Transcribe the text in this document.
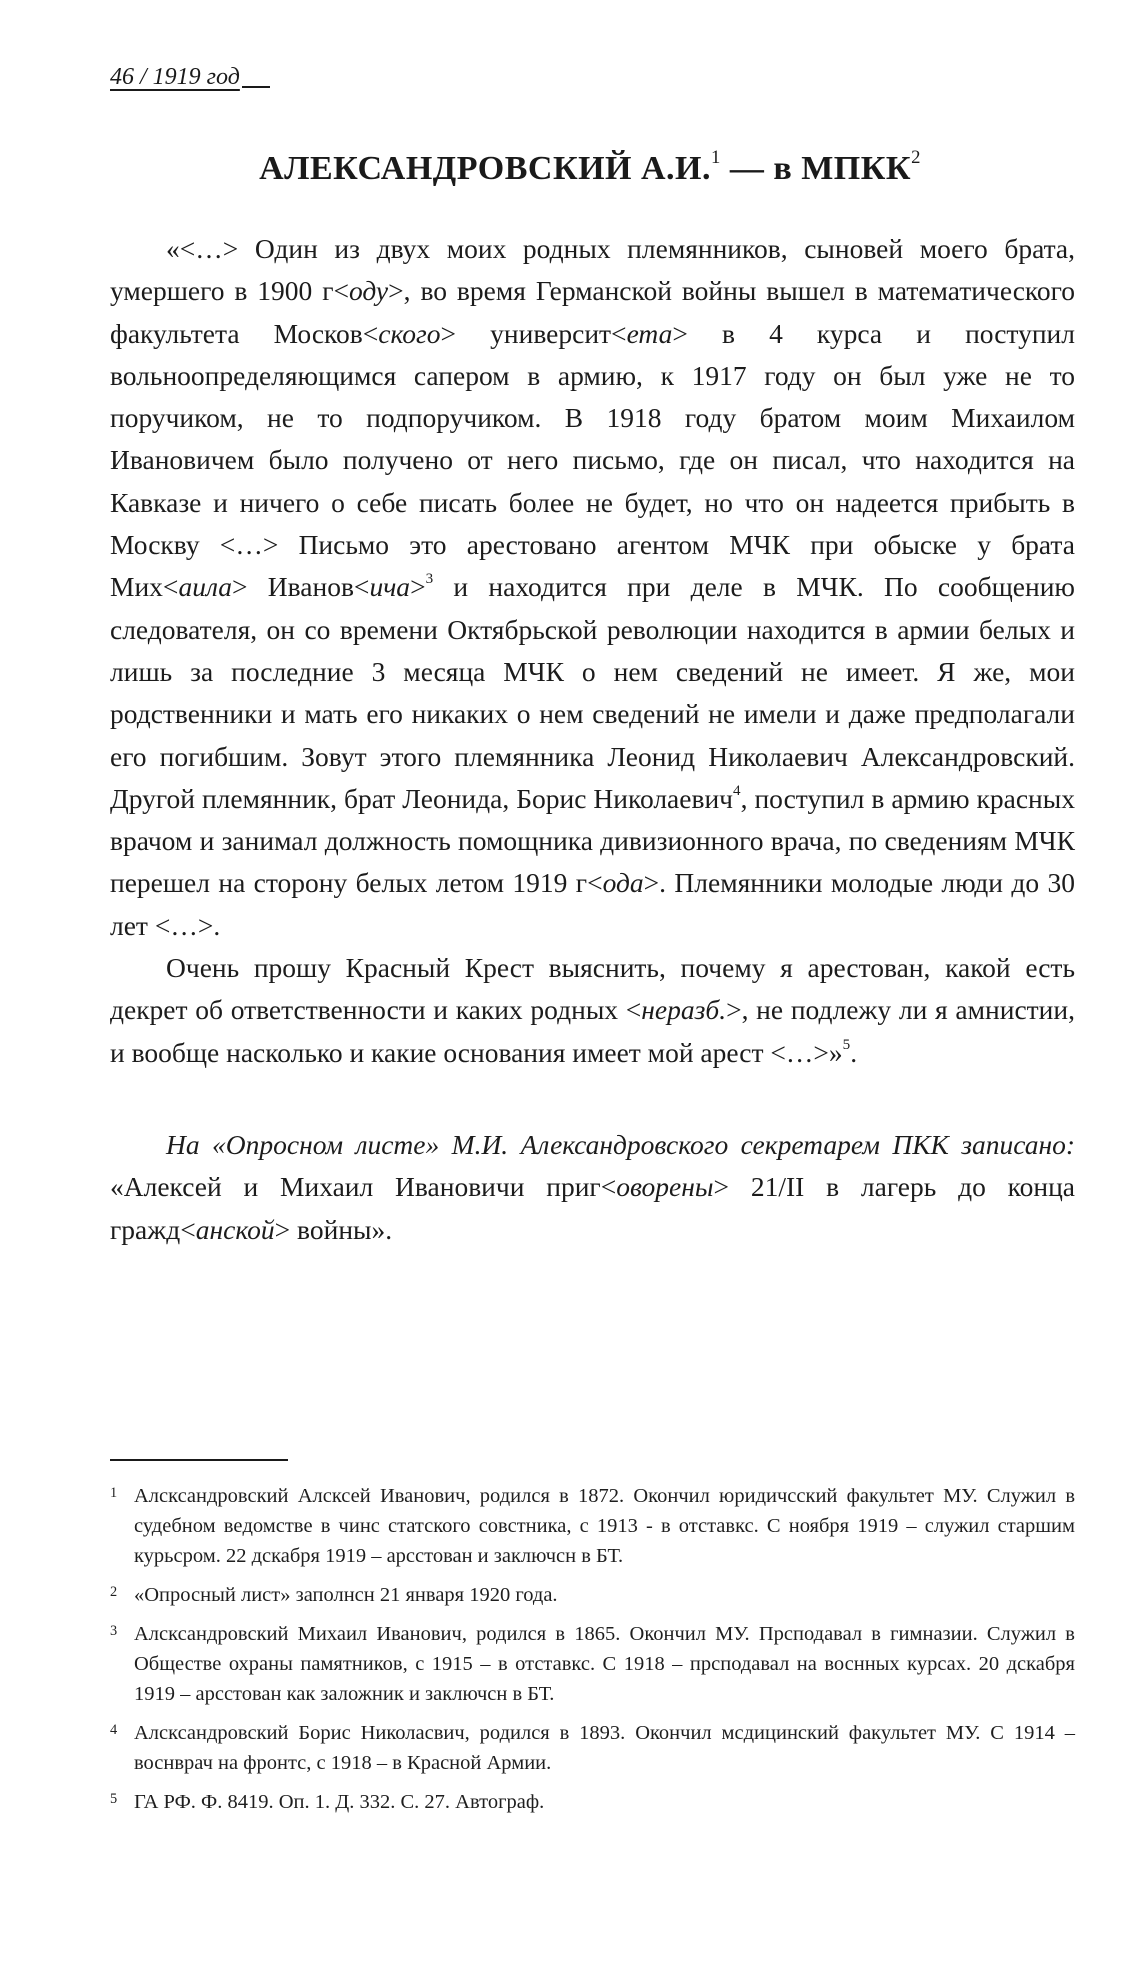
46 / 1919 год
АЛЕКСАНДРОВСКИЙ А.И.$^1$ — в МПКК$^2$

«<…> Один из двух моих родных племянников, сыновей моего брата, умершего в 1900 г<оду>, во время Германской войны вышел в математического факультета Москов<ского> университ<ета> в 4 курса и поступил вольноопределяющимся сапером в армию, к 1917 году он был уже не то поручиком, не то подпоручиком. В 1918 году братом моим Михаилом Ивановичем было получено от него письмо, где он писал, что находится на Кавказе и ничего о себе писать более не будет, но что он надеется прибыть в Москву <…> Письмо это арестовано агентом МЧК при обыске у брата Мих<аила> Иванов<ича>$^3$ и находится при деле в МЧК. По сообщению следователя, он со времени Октябрьской революции находится в армии белых и лишь за последние 3 месяца МЧК о нем сведений не имеет. Я же, мои родственники и мать его никаких о нем сведений не имели и даже предполагали его погибшим. Зовут этого племянника Леонид Николаевич Александровский. Другой племянник, брат Леонида, Борис Николаевич$^4$, поступил в армию красных врачом и занимал должность помощника дивизионного врача, по сведениям МЧК перешел на сторону белых летом 1919 г<ода>. Племянники молодые люди до 30 лет <…>.

Очень прошу Красный Крест выяснить, почему я арестован, какой есть декрет об ответственности и каких родных <неразб.>, не подлежу ли я амнистии, и вообще насколько и какие основания имеет мой арест <…>»$^5$.

На «Опросном листе» М.И. Александровского секретарем ПКК записано: «Алексей и Михаил Ивановичи приг<оворены> 21/II в лагерь до конца гражд<анской> войны».

1 Алсксандровский Алсксей Иванович, родился в 1872. Окончил юридичсский факультет МУ. Служил в судебном вeдомствe в чинс статского совстника, с 1913 - в отставкс. С ноября 1919 – служил старшим курьсром. 22 дскабря 1919 – арсстован и заключсн в БТ.

2 «Опросный лист» заполнсн 21 января 1920 года.

3 Алсксандровский Михаил Иванович, родился в 1865. Окончил МУ. Прсподавал в гимназии. Служил в Обществе охраны памятников, с 1915 – в отставкс. С 1918 – прсподавал на воснных курсах. 20 дскабря 1919 – арсстован как заложник и заключсн в БТ.

4 Алсксандровский Борис Николасвич, родился в 1893. Окончил мсдицинский факультет МУ. С 1914 – воснврач на фронтс, с 1918 – в Красной Армии.

5 ГА РФ. Ф. 8419. Оп. 1. Д. 332. С. 27. Автограф.
